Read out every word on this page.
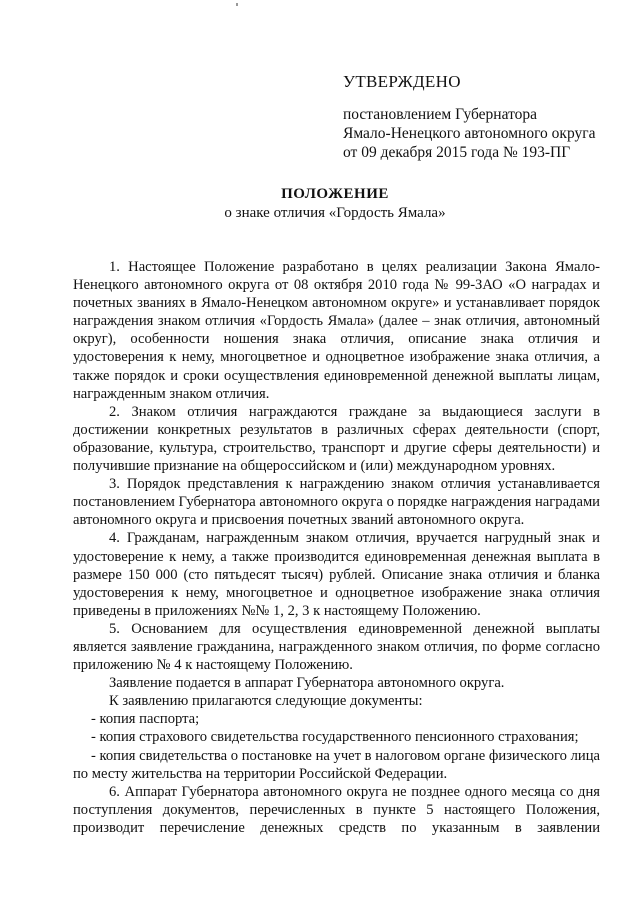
УТВЕРЖДЕНО
постановлением Губернатора
Ямало-Ненецкого автономного округа
от 09 декабря 2015 года № 193-ПГ
ПОЛОЖЕНИЕ
о знаке отличия «Гордость Ямала»

1. Настоящее Положение разработано в целях реализации Закона Ямало-Ненецкого автономного округа от 08 октября 2010 года № 99-ЗАО «О наградах и почетных званиях в Ямало-Ненецком автономном округе» и устанавливает порядок награждения знаком отличия «Гордость Ямала» (далее – знак отличия, автономный округ), особенности ношения знака отличия, описание знака отличия и удостоверения к нему, многоцветное и одноцветное изображение знака отличия, а также порядок и сроки осуществления единовременной денежной выплаты лицам, награжденным знаком отличия.

2. Знаком отличия награждаются граждане за выдающиеся заслуги в достижении конкретных результатов в различных сферах деятельности (спорт, образование, культура, строительство, транспорт и другие сферы деятельности) и получившие признание на общероссийском и (или) международном уровнях.

3. Порядок представления к награждению знаком отличия устанавливается постановлением Губернатора автономного округа о порядке награждения наградами автономного округа и присвоения почетных званий автономного округа.

4. Гражданам, награжденным знаком отличия, вручается нагрудный знак и удостоверение к нему, а также производится единовременная денежная выплата в размере 150 000 (сто пятьдесят тысяч) рублей. Описание знака отличия и бланка удостоверения к нему, многоцветное и одноцветное изображение знака отличия приведены в приложениях №№ 1, 2, 3 к настоящему Положению.

5. Основанием для осуществления единовременной денежной выплаты является заявление гражданина, награжденного знаком отличия, по форме согласно приложению № 4 к настоящему Положению.

Заявление подается в аппарат Губернатора автономного округа.

К заявлению прилагаются следующие документы:

- копия паспорта;

- копия страхового свидетельства государственного пенсионного страхования;

- копия свидетельства о постановке на учет в налоговом органе физического лица по месту жительства на территории Российской Федерации.

6. Аппарат Губернатора автономного округа не позднее одного месяца со дня поступления документов, перечисленных в пункте 5 настоящего Положения, производит перечисление денежных средств по указанным в заявлении
